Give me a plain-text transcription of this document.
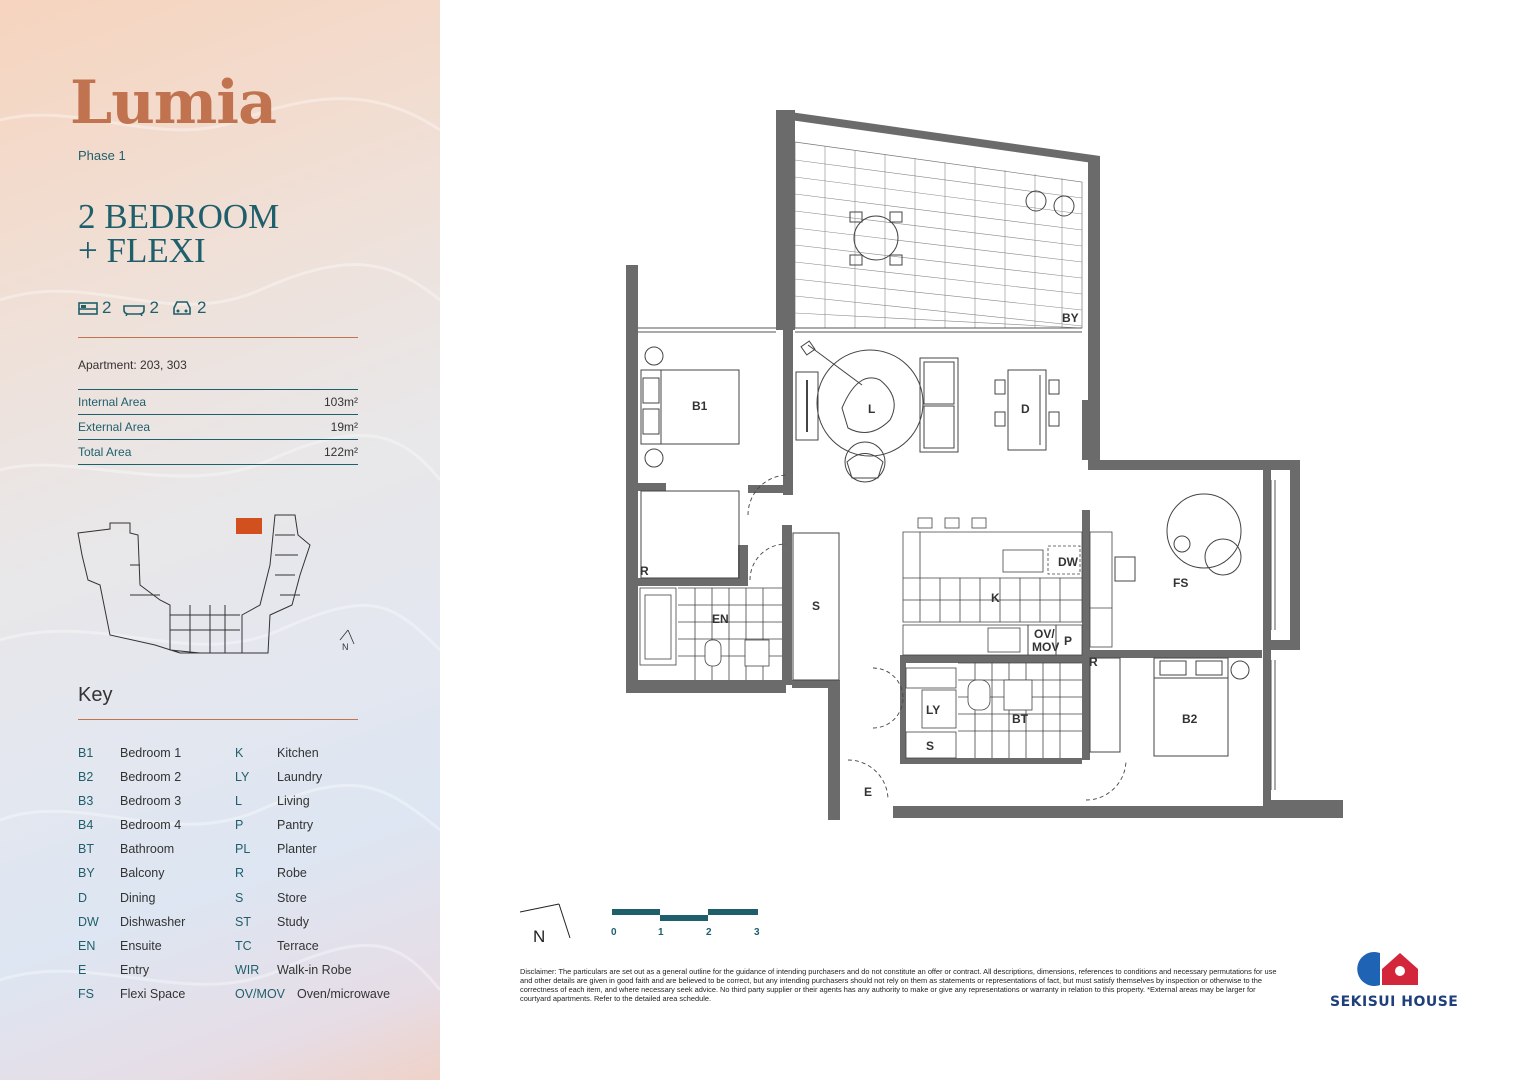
Lumia
Phase 1
2 BEDROOM
+ FLEXI
2 2 2
Apartment: 203, 303
Internal Area	103m²
External Area	19m²
Total Area	122m²
N
Key
B1	Bedroom 1
B2	Bedroom 2
B3	Bedroom 3
B4	Bedroom 4
BT	Bathroom
BY	Balcony
D	Dining
DW	Dishwasher
EN	Ensuite
E	Entry
FS	Flexi Space
K	Kitchen
LY	Laundry
L	Living
P	Pantry
PL	Planter
R	Robe
S	Store
ST	Study
TC	Terrace
WIR	Walk-in Robe
OV/MOV Oven/microwave
BY
B1	L	D
R
EN
S
K
DW
OV/
MOV P
FS
R
B2
LY
BT
S
E
N	0	1	2	3
Disclaimer: The particulars are set out as a general outline for the guidance of intending purchasers and do not constitute an offer or contract. All descriptions, dimensions, references to conditions and necessary permutations for use and other details are given in good faith and are believed to be correct, but any intending purchasers should not rely on them as statements or representations of fact, but must satisfy themselves by inspection or otherwise to the correctness of each item, and where necessary seek advice. No third party supplier or their agents has any authority to make or give any representations or warranty in relation to this property. *External areas may be larger for courtyard apartments. Refer to the detailed area schedule.	SEKISUI HOUSE
